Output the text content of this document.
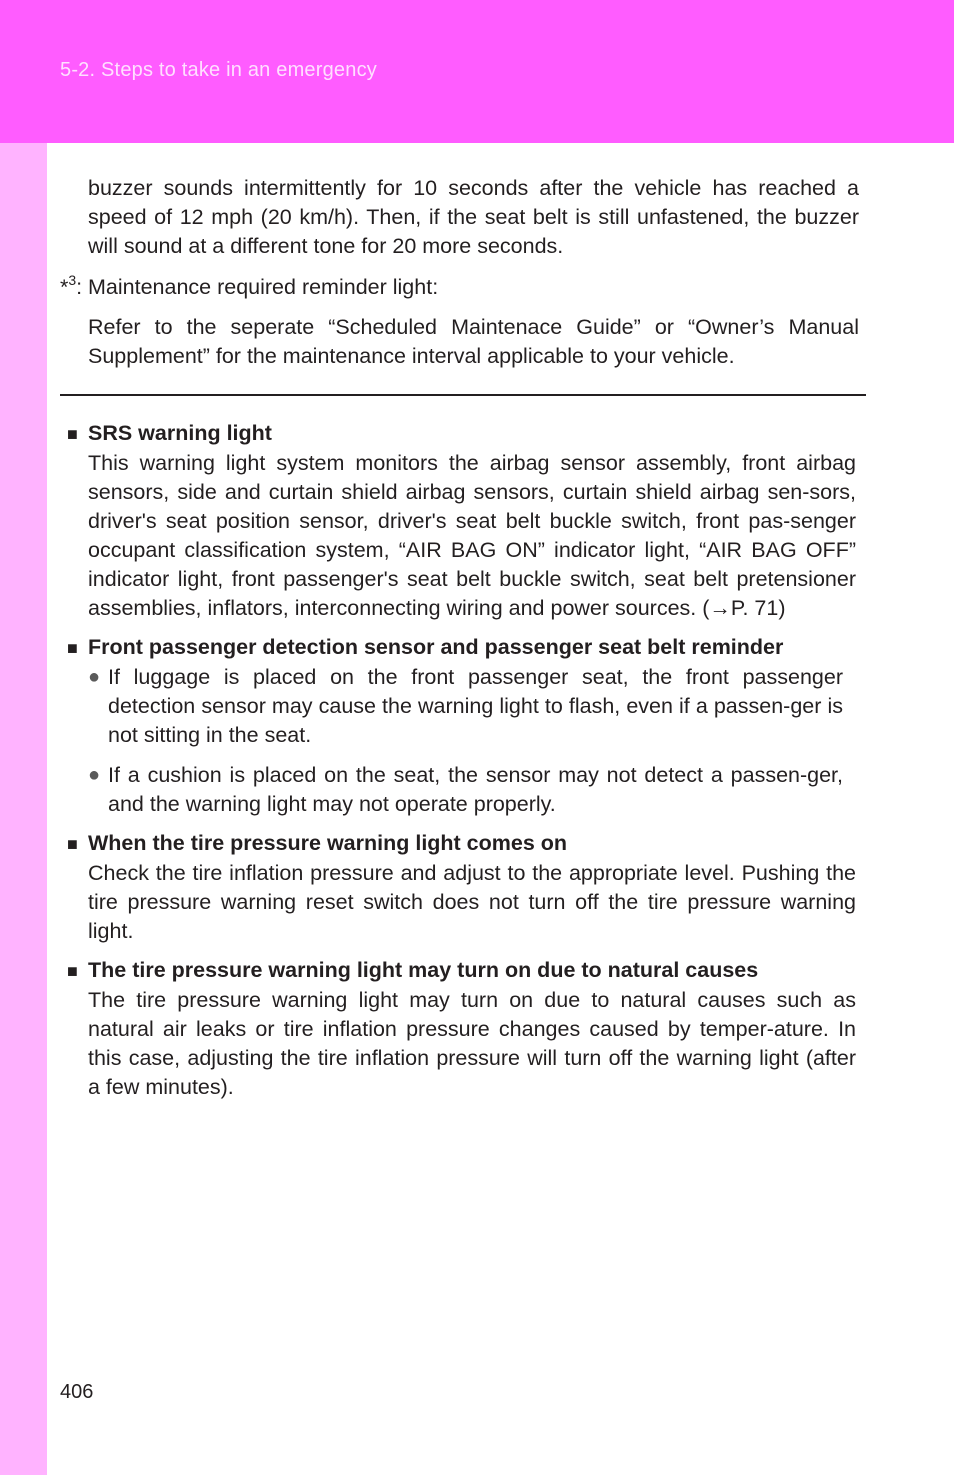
5-2. Steps to take in an emergency

buzzer sounds intermittently for 10 seconds after the vehicle has reached a speed of 12 mph (20 km/h). Then, if the seat belt is still unfastened, the buzzer will sound at a different tone for 20 more seconds.

*$^3$: Maintenance required reminder light:

Refer to the seperate “Scheduled Maintenace Guide” or “Owner’s Manual Supplement” for the maintenance interval applicable to your vehicle.

■ SRS warning light

This warning light system monitors the airbag sensor assembly, front airbag sensors, side and curtain shield airbag sensors, curtain shield airbag sen-sors, driver's seat position sensor, driver's seat belt buckle switch, front pas-senger occupant classification system, “AIR BAG ON” indicator light, “AIR BAG OFF” indicator light, front passenger's seat belt buckle switch, seat belt pretensioner assemblies, inflators, interconnecting wiring and power sources. (→P. 71)

■ Front passenger detection sensor and passenger seat belt reminder
● If luggage is placed on the front passenger seat, the front passenger detection sensor may cause the warning light to flash, even if a passen-ger is not sitting in the seat.
● If a cushion is placed on the seat, the sensor may not detect a passen-ger, and the warning light may not operate properly.
■ When the tire pressure warning light comes on

Check the tire inflation pressure and adjust to the appropriate level. Pushing the tire pressure warning reset switch does not turn off the tire pressure warning light.

■ The tire pressure warning light may turn on due to natural causes

The tire pressure warning light may turn on due to natural causes such as natural air leaks or tire inflation pressure changes caused by temper-ature. In this case, adjusting the tire inflation pressure will turn off the warning light (after a few minutes).

406
